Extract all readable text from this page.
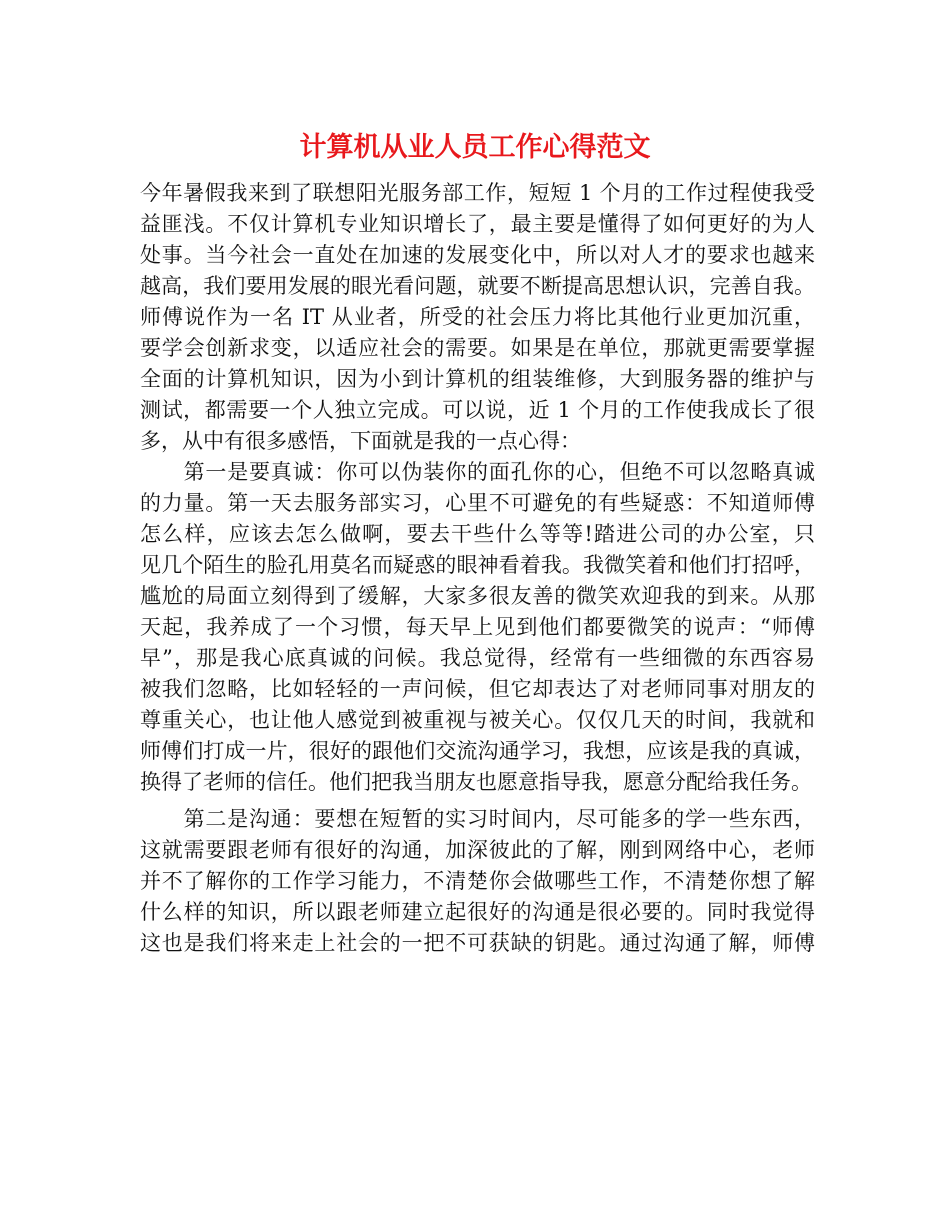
计算机从业人员工作心得范文
今年暑假我来到了联想阳光服务部工作，短短 1 个月的工作过程使我受
益匪浅。不仅计算机专业知识增长了，最主要是懂得了如何更好的为人
处事。当今社会一直处在加速的发展变化中，所以对人才的要求也越来
越高，我们要用发展的眼光看问题，就要不断提高思想认识，完善自我。
师傅说作为一名 IT 从业者，所受的社会压力将比其他行业更加沉重，
要学会创新求变，以适应社会的需要。如果是在单位，那就更需要掌握
全面的计算机知识，因为小到计算机的组装维修，大到服务器的维护与
测试，都需要一个人独立完成。可以说，近 1 个月的工作使我成长了很
多，从中有很多感悟，下面就是我的一点心得：
　　第一是要真诚：你可以伪装你的面孔你的心，但绝不可以忽略真诚
的力量。第一天去服务部实习，心里不可避免的有些疑惑：不知道师傅
怎么样，应该去怎么做啊，要去干些什么等等!踏进公司的办公室，只
见几个陌生的脸孔用莫名而疑惑的眼神看着我。我微笑着和他们打招呼，
尴尬的局面立刻得到了缓解，大家多很友善的微笑欢迎我的到来。从那
天起，我养成了一个习惯，每天早上见到他们都要微笑的说声：“师傅
早”，那是我心底真诚的问候。我总觉得，经常有一些细微的东西容易
被我们忽略，比如轻轻的一声问候，但它却表达了对老师同事对朋友的
尊重关心，也让他人感觉到被重视与被关心。仅仅几天的时间，我就和
师傅们打成一片，很好的跟他们交流沟通学习，我想，应该是我的真诚，
换得了老师的信任。他们把我当朋友也愿意指导我，愿意分配给我任务。
　　第二是沟通：要想在短暂的实习时间内，尽可能多的学一些东西，
这就需要跟老师有很好的沟通，加深彼此的了解，刚到网络中心，老师
并不了解你的工作学习能力，不清楚你会做哪些工作，不清楚你想了解
什么样的知识，所以跟老师建立起很好的沟通是很必要的。同时我觉得
这也是我们将来走上社会的一把不可获缺的钥匙。通过沟通了解，师傅
